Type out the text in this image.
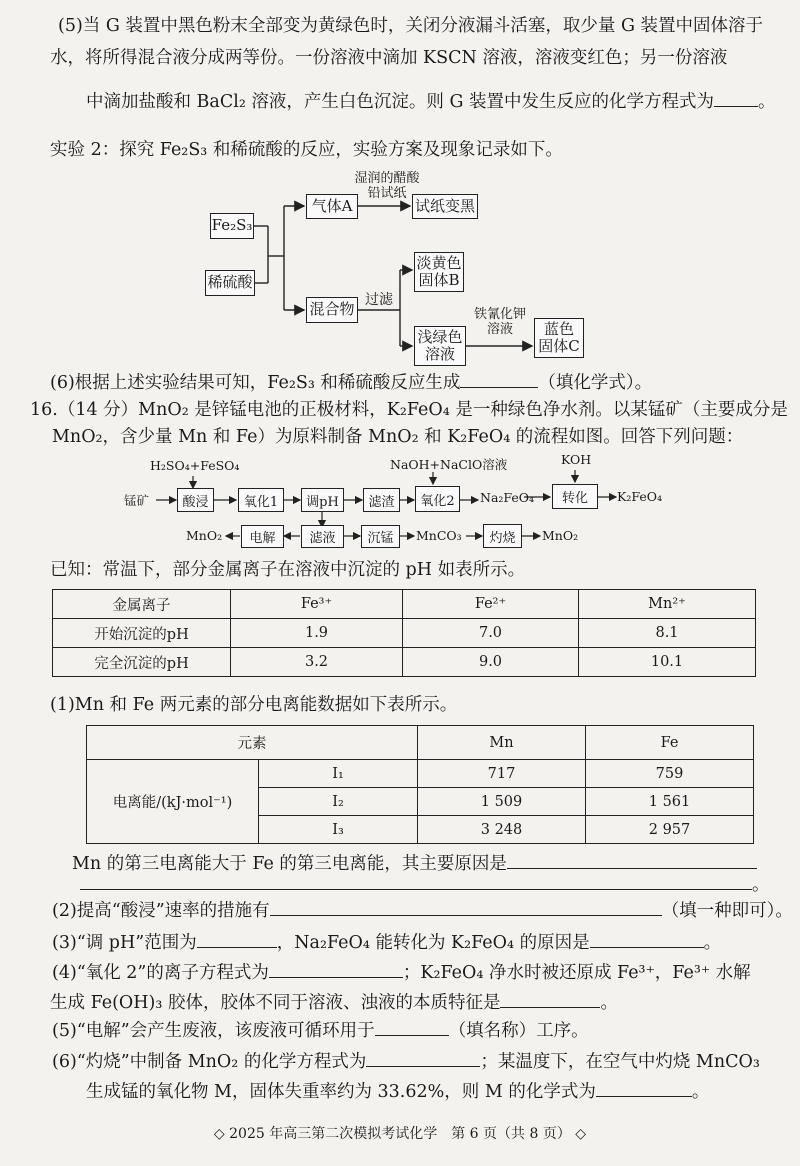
(5)当 G 装置中黑色粉末全部变为黄绿色时，关闭分液漏斗活塞，取少量 G 装置中固体溶于
水，将所得混合液分成两等份。一份溶液中滴加 KSCN 溶液，溶液变红色；另一份溶液
中滴加盐酸和 BaCl₂ 溶液，产生白色沉淀。则 G 装置中发生反应的化学方程式为	。
实验 2：探究 Fe₂S₃ 和稀硫酸的反应，实验方案及现象记录如下。
Fe₂S₃
稀硫酸
气体A
湿润的醋酸
铅试纸
试纸变黑
混合物
过滤
淡黄色
固体B
浅绿色
溶液
铁氰化钾
溶液	蓝色
固体C
(6)根据上述实验结果可知，Fe₂S₃ 和稀硫酸反应生成	（填化学式）。
16.（14 分）MnO₂ 是锌锰电池的正极材料，K₂FeO₄ 是一种绿色净水剂。以某锰矿（主要成分是
MnO₂，含少量 Mn 和 Fe）为原料制备 MnO₂ 和 K₂FeO₄ 的流程如图。回答下列问题：
H₂SO₄+FeSO₄	NaOH+NaClO溶液	KOH
锰矿	酸浸	氧化1	调pH	滤渣	氧化2	Na₂FeO₄	转化	K₂FeO₄
MnO₂	电解	滤液	沉锰	MnCO₃	灼烧	MnO₂
已知：常温下，部分金属离子在溶液中沉淀的 pH 如表所示。
金属离子	Fe³⁺	Fe²⁺	Mn²⁺
开始沉淀的pH	1.9	7.0	8.1
完全沉淀的pH	3.2	9.0	10.1
(1)Mn 和 Fe 两元素的部分电离能数据如下表所示。
元素		Mn	Fe
电离能/(kJ·mol⁻¹)	I₁	717	759
	I₂	1 509	1 561
	I₃	3 248	2 957
Mn 的第三电离能大于 Fe 的第三电离能，其主要原因是
。
(2)提高“酸浸”速率的措施有	（填一种即可）。
(3)“调 pH”范围为	，Na₂FeO₄ 能转化为 K₂FeO₄ 的原因是	。
(4)“氧化 2”的离子方程式为	；K₂FeO₄ 净水时被还原成 Fe³⁺，Fe³⁺ 水解
生成 Fe(OH)₃ 胶体，胶体不同于溶液、浊液的本质特征是	。
(5)“电解”会产生废液，该废液可循环用于	（填名称）工序。
(6)“灼烧”中制备 MnO₂ 的化学方程式为	；某温度下，在空气中灼烧 MnCO₃
生成锰的氧化物 M，固体失重率约为 33.62%，则 M 的化学式为	。
◇ 2025 年高三第二次模拟考试化学　第 6 页（共 8 页） ◇
